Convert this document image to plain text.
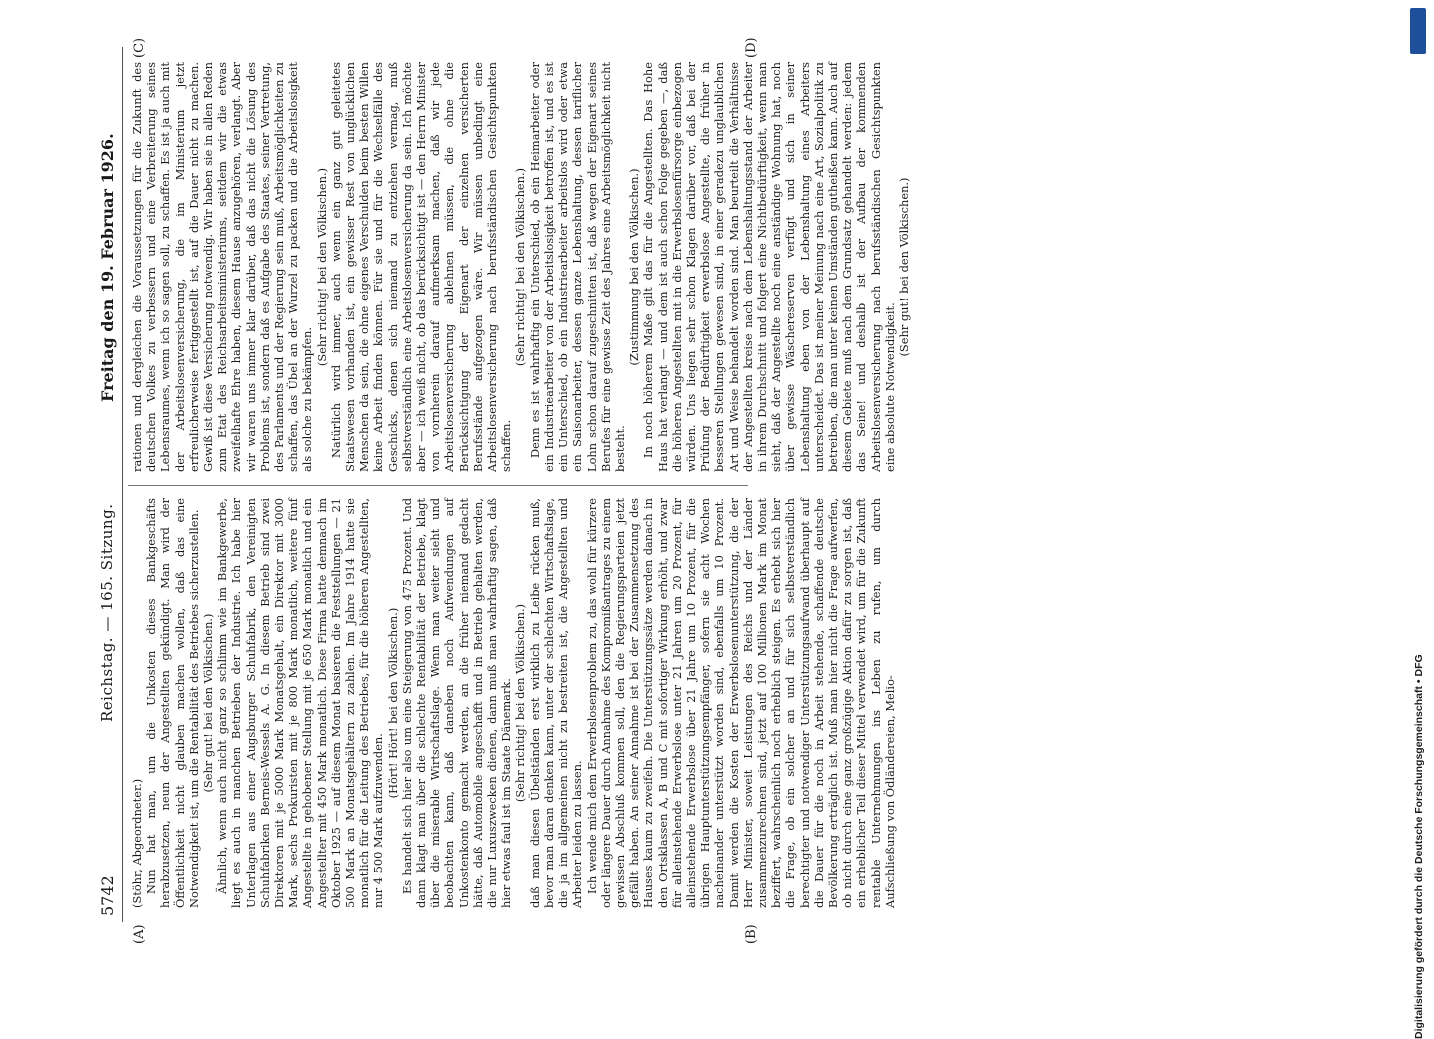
5742
Reichstag. — 165. Sitzung.
Freitag den 19. Februar 1926.
(A)	(B)
(C)	(D)

(Stöhr, Abgeordneter.) Nun hat man, um die Unkosten dieses Bankgeschäfts herabzusetzen, neun der Angestellten gekündigt. Man wird der Öffentlichkeit nicht glauben machen wollen, daß das eine Notwendigkeit ist, um die Rentabilität des Betriebes sicherzustellen. (Sehr gut! bei den Völkischen.) Ähnlich, wenn auch nicht ganz so schlimm wie im Bankgewerbe, liegt es auch in manchen Betrieben der Industrie. Ich habe hier Unterlagen aus einer Augsburger Schuhfabrik, den Vereinigten Schuhfabriken Berneis-Wessels A. G. In diesem Betrieb sind zwei Direktoren mit je 5000 Mark Monatsgehalt, ein Direktor mit 3000 Mark, sechs Prokuristen mit je 800 Mark monatlich, weitere fünf Angestellte in gehobener Stellung mit je 650 Mark monatlich und ein Angestellter mit 450 Mark monatlich. Diese Firma hatte demnach im Oktober 1925 — auf diesem Monat basieren die Feststellungen — 21 500 Mark an Monatsgehältern zu zahlen. Im Jahre 1914 hatte sie monatlich für die Leitung des Betriebes, für die höheren Angestellten, nur 4 500 Mark aufzuwenden.

(Hört! Hört! bei den Völkischen.) Es handelt sich hier also um eine Steigerung von 475 Prozent. Und dann klagt man über die schlechte Rentabilität der Betriebe, klagt über die miserable Wirtschaftslage. Wenn man weiter sieht und beobachten kann, daß daneben noch Aufwendungen auf Unkostenkonto gemacht werden, an die früher niemand gedacht hätte, daß Automobile angeschafft und in Betrieb gehalten werden, die nur Luxuszwecken dienen, dann muß man wahrhaftig sagen, daß hier etwas faul ist im Staate Dänemark. (Sehr richtig! bei den Völkischen.) daß man diesen Übelständen erst wirklich zu Leibe rücken muß, bevor man daran denken kann, unter der schlechten Wirtschaftslage, die ja im allgemeinen nicht zu bestreiten ist, die Angestellten und Arbeiter leiden zu lassen. Ich wende mich dem Erwerbslosenproblem zu, das wohl für kürzere oder längere Dauer durch Annahme des Kompromißantrages zu einem gewissen Abschluß kommen soll, den die Regierungsparteien jetzt gefällt haben. An seiner Annahme ist bei der Zusammensetzung des Hauses kaum zu zweifeln. Die Unterstützungssätze werden danach in den Ortsklassen A, B und C mit sofortiger Wirkung erhöht, und zwar für alleinstehende Erwerbslose unter 21 Jahren um 20 Prozent, für alleinstehende Erwerbslose über 21 Jahre um 10 Prozent, für die übrigen Hauptunterstützungsempfänger, sofern sie acht Wochen nacheinander unterstützt worden sind, ebenfalls um 10 Prozent. Damit werden die Kosten der Erwerbslosenunterstützung, die der Herr Minister, soweit Leistungen des Reichs und der Länder zusammenzurechnen sind, jetzt auf 100 Millionen Mark im Monat beziffert, wahrscheinlich noch erheblich steigen. Es erhebt sich hier die Frage, ob ein solcher an und für sich selbstverständlich berechtigter und notwendiger Unterstützungsaufwand überhaupt auf die Dauer für die noch in Arbeit stehende, schaffende deutsche Bevölkerung erträglich ist. Muß man hier nicht die Frage aufwerfen, ob nicht durch eine ganz großzügige Aktion dafür zu sorgen ist, daß ein erheblicher Teil dieser Mittel verwendet wird, um für die Zukunft rentable Unternehmungen ins Leben zu rufen, um durch Aufschließung von Ödländereien, Melio-

rationen und dergleichen die Voraussetzungen für die Zukunft des deutschen Volkes zu verbessern und eine Verbreiterung seines Lebensraumes, wenn ich so sagen soll, zu schaffen. Es ist ja auch mit der Arbeitslosenversicherung, die im Ministerium jetzt erfreulicherweise fertiggestellt ist, auf die Dauer nicht zu machen. Gewiß ist diese Versicherung notwendig. Wir haben sie in allen Reden zum Etat des Reichsarbeitsministeriums, seitdem wir die etwas zweifelhafte Ehre haben, diesem Hause anzugehören, verlangt. Aber wir waren uns immer klar darüber, daß das nicht die Lösung des Problems ist, sondern daß es Aufgabe des Staates, seiner Vertretung, des Parlaments und der Regierung sein muß, Arbeitsmöglichkeiten zu schaffen, das Übel an der Wurzel zu packen und die Arbeitslosigkeit als solche zu bekämpfen.

(Sehr richtig! bei den Völkischen.) Natürlich wird immer, auch wenn ein ganz gut geleitetes Staatswesen vorhanden ist, ein gewisser Rest von unglücklichen Menschen da sein, die ohne eigenes Verschulden beim besten Willen keine Arbeit finden können. Für sie und für die Wechselfälle des Geschicks, denen sich niemand zu entziehen vermag, muß selbstverständlich eine Arbeitslosenversicherung da sein. Ich möchte aber — ich weiß nicht, ob das berücksichtigt ist — den Herrn Minister von vornherein darauf aufmerksam machen, daß wir jede Arbeitslosenversicherung ablehnen müssen, die ohne die Berücksichtigung der Eigenart der einzelnen versicherten Berufsstände aufgezogen wäre. Wir müssen unbedingt eine Arbeitslosenversicherung nach berufsständischen Gesichtspunkten schaffen.

(Sehr richtig! bei den Völkischen.) Denn es ist wahrhaftig ein Unterschied, ob ein Heimarbeiter oder ein Industriearbeiter von der Arbeitslosigkeit betroffen ist, und es ist ein Unterschied, ob ein Industriearbeiter arbeitslos wird oder etwa ein Saisonarbeiter, dessen ganze Lebenshaltung, dessen tariflicher Lohn schon darauf zugeschnitten ist, daß wegen der Eigenart seines Berufes für eine gewisse Zeit des Jahres eine Arbeitsmöglichkeit nicht besteht.

(Zustimmung bei den Völkischen.) In noch höherem Maße gilt das für die Angestellten. Das Hohe Haus hat verlangt — und dem ist auch schon Folge gegeben —, daß die höheren Angestellten mit in die Erwerbslosenfürsorge einbezogen würden. Uns liegen sehr schon Klagen darüber vor, daß bei der Prüfung der Bedürftigkeit erwerbslose Angestellte, die früher in besseren Stellungen gewesen sind, in einer geradezu unglaublichen Art und Weise behandelt worden sind. Man beurteilt die Verhältnisse der Angestellten kreise nach dem Lebenshaltungsstand der Arbeiter in ihrem Durchschnitt und folgert eine Nichtbedürftigkeit, wenn man sieht, daß der Angestellte noch eine anständige Wohnung hat, noch über gewisse Wäschereserven verfügt und sich in seiner Lebenshaltung eben von der Lebenshaltung eines Arbeiters unterscheidet. Das ist meiner Meinung nach eine Art, Sozialpolitik zu betreiben, die man unter keinen Umständen gutheißen kann. Auch auf diesem Gebiete muß nach dem Grundsatz gehandelt werden: jedem das Seine! und deshalb ist der Aufbau der kommenden Arbeitslosenversicherung nach berufsständischen Gesichtspunkten eine absolute Notwendigkeit.

(Sehr gut! bei den Völkischen.)

Digitalisierung gefördert durch die Deutsche Forschungsgemeinschaft • DFG
